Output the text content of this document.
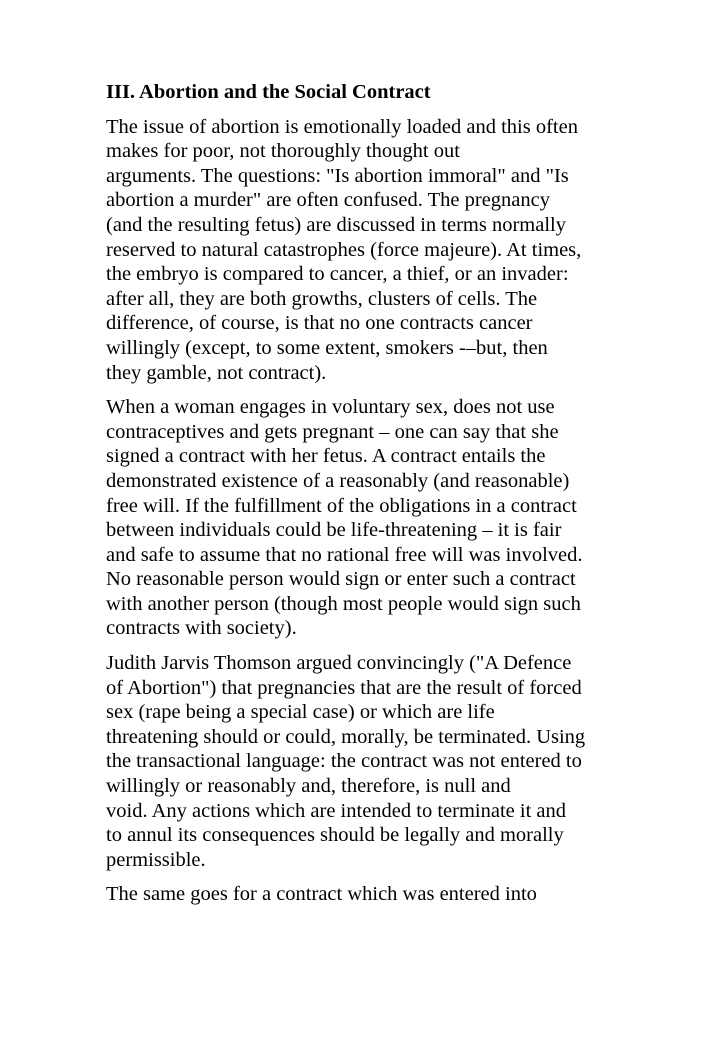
III. Abortion and the Social Contract
The issue of abortion is emotionally loaded and this often
makes for poor, not thoroughly thought out
arguments. The questions: "Is abortion immoral" and "Is
abortion a murder" are often confused. The pregnancy
(and the resulting fetus) are discussed in terms normally
reserved to natural catastrophes (force majeure). At times,
the embryo is compared to cancer, a thief, or an invader:
after all, they are both growths, clusters of cells. The
difference, of course, is that no one contracts cancer
willingly (except, to some extent, smokers -–but, then
they gamble, not contract).
When a woman engages in voluntary sex, does not use
contraceptives and gets pregnant – one can say that she
signed a contract with her fetus. A contract entails the
demonstrated existence of a reasonably (and reasonable)
free will. If the fulfillment of the obligations in a contract
between individuals could be life-threatening – it is fair
and safe to assume that no rational free will was involved.
No reasonable person would sign or enter such a contract
with another person (though most people would sign such
contracts with society).
Judith Jarvis Thomson argued convincingly ("A Defence
of Abortion") that pregnancies that are the result of forced
sex (rape being a special case) or which are life
threatening should or could, morally, be terminated. Using
the transactional language: the contract was not entered to
willingly or reasonably and, therefore, is null and
void. Any actions which are intended to terminate it and
to annul its consequences should be legally and morally
permissible.
The same goes for a contract which was entered into
